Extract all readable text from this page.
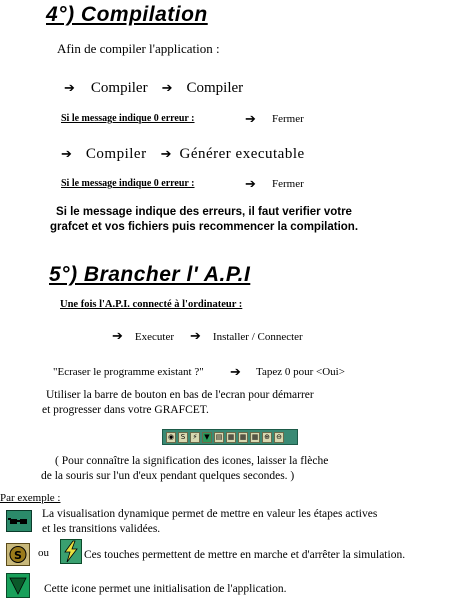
4°) Compilation
Afin de compiler l'application :
➔ Compiler ➔ Compiler
Si le message indique 0 erreur :	➔ Fermer
➔ Compiler ➔ Générer executable
Si le message indique 0 erreur :	➔ Fermer
Si le message indique des erreurs, il faut verifier votre grafcet et vos fichiers puis recommencer la compilation.
5°) Brancher l' A.P.I
Une fois l'A.P.I. connecté à l'ordinateur :
➔ Executer ➔ Installer / Connecter
"Ecraser le programme existant ?" ➔ Tapez 0 pour <Oui>
Utiliser la barre de bouton en bas de l'ecran pour démarrer
et progresser dans votre GRAFCET.
◉ S	⚡ ▼ ▤ ▦ ▦ ▦ ⊕ ⊖
( Pour connaître la signification des icones, laisser la flèche
de la souris sur l'un d'eux pendant quelques secondes. )
Par exemple :
La visualisation dynamique permet de mettre en valeur les étapes actives
et les transitions validées.
S ou	Ces touches permettent de mettre en marche et d'arrêter la simulation.
Cette icone permet une initialisation de l'application.
